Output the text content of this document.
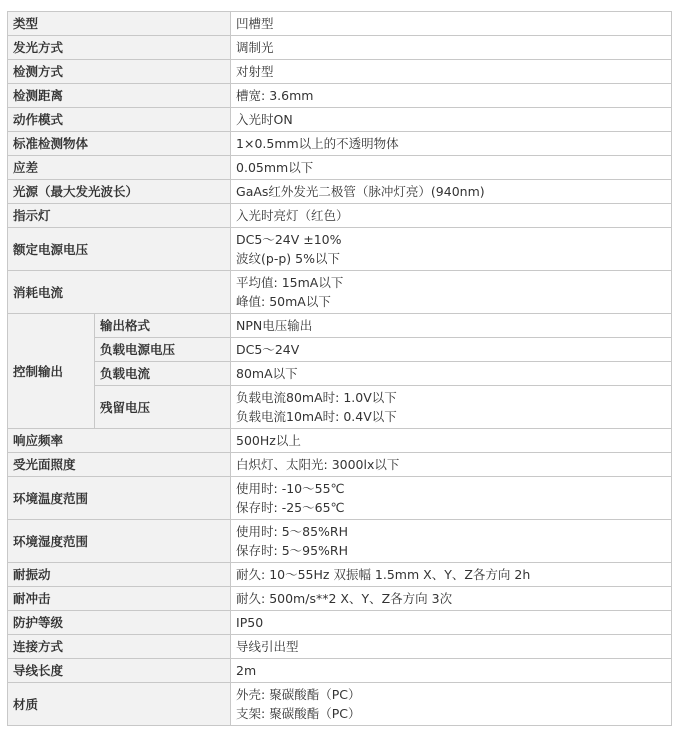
类型		凹槽型

发光方式		调制光

检测方式		对射型

检测距离		槽宽: 3.6mm

动作模式		入光时ON

标准检测物体		1×0.5mm以上的不透明物体

应差		0.05mm以下

光源（最大发光波长）		GaAs红外发光二极管（脉冲灯亮）(940nm)

指示灯		入光时亮灯（红色）

额定电源电压		DC5～24V ±10%
波纹(p-p) 5%以下

消耗电流		平均值: 15mA以下
峰值: 50mA以下

控制输出	输出格式	NPN电压输出

	负载电源电压	DC5～24V

	负载电流	80mA以下

	残留电压	负载电流80mA时: 1.0V以下
负载电流10mA时: 0.4V以下

响应频率		500Hz以上

受光面照度		白炽灯、太阳光: 3000lx以下

环境温度范围		使用时: -10～55℃
保存时: -25～65℃

环境湿度范围		使用时: 5～85%RH
保存时: 5～95%RH

耐振动		耐久: 10～55Hz 双振幅 1.5mm X、Y、Z各方向 2h

耐冲击		耐久: 500m/s**2 X、Y、Z各方向 3次

防护等级		IP50

连接方式		导线引出型

导线长度		2m

材质		外壳: 聚碳酸酯（PC）
支架: 聚碳酸酯（PC）
